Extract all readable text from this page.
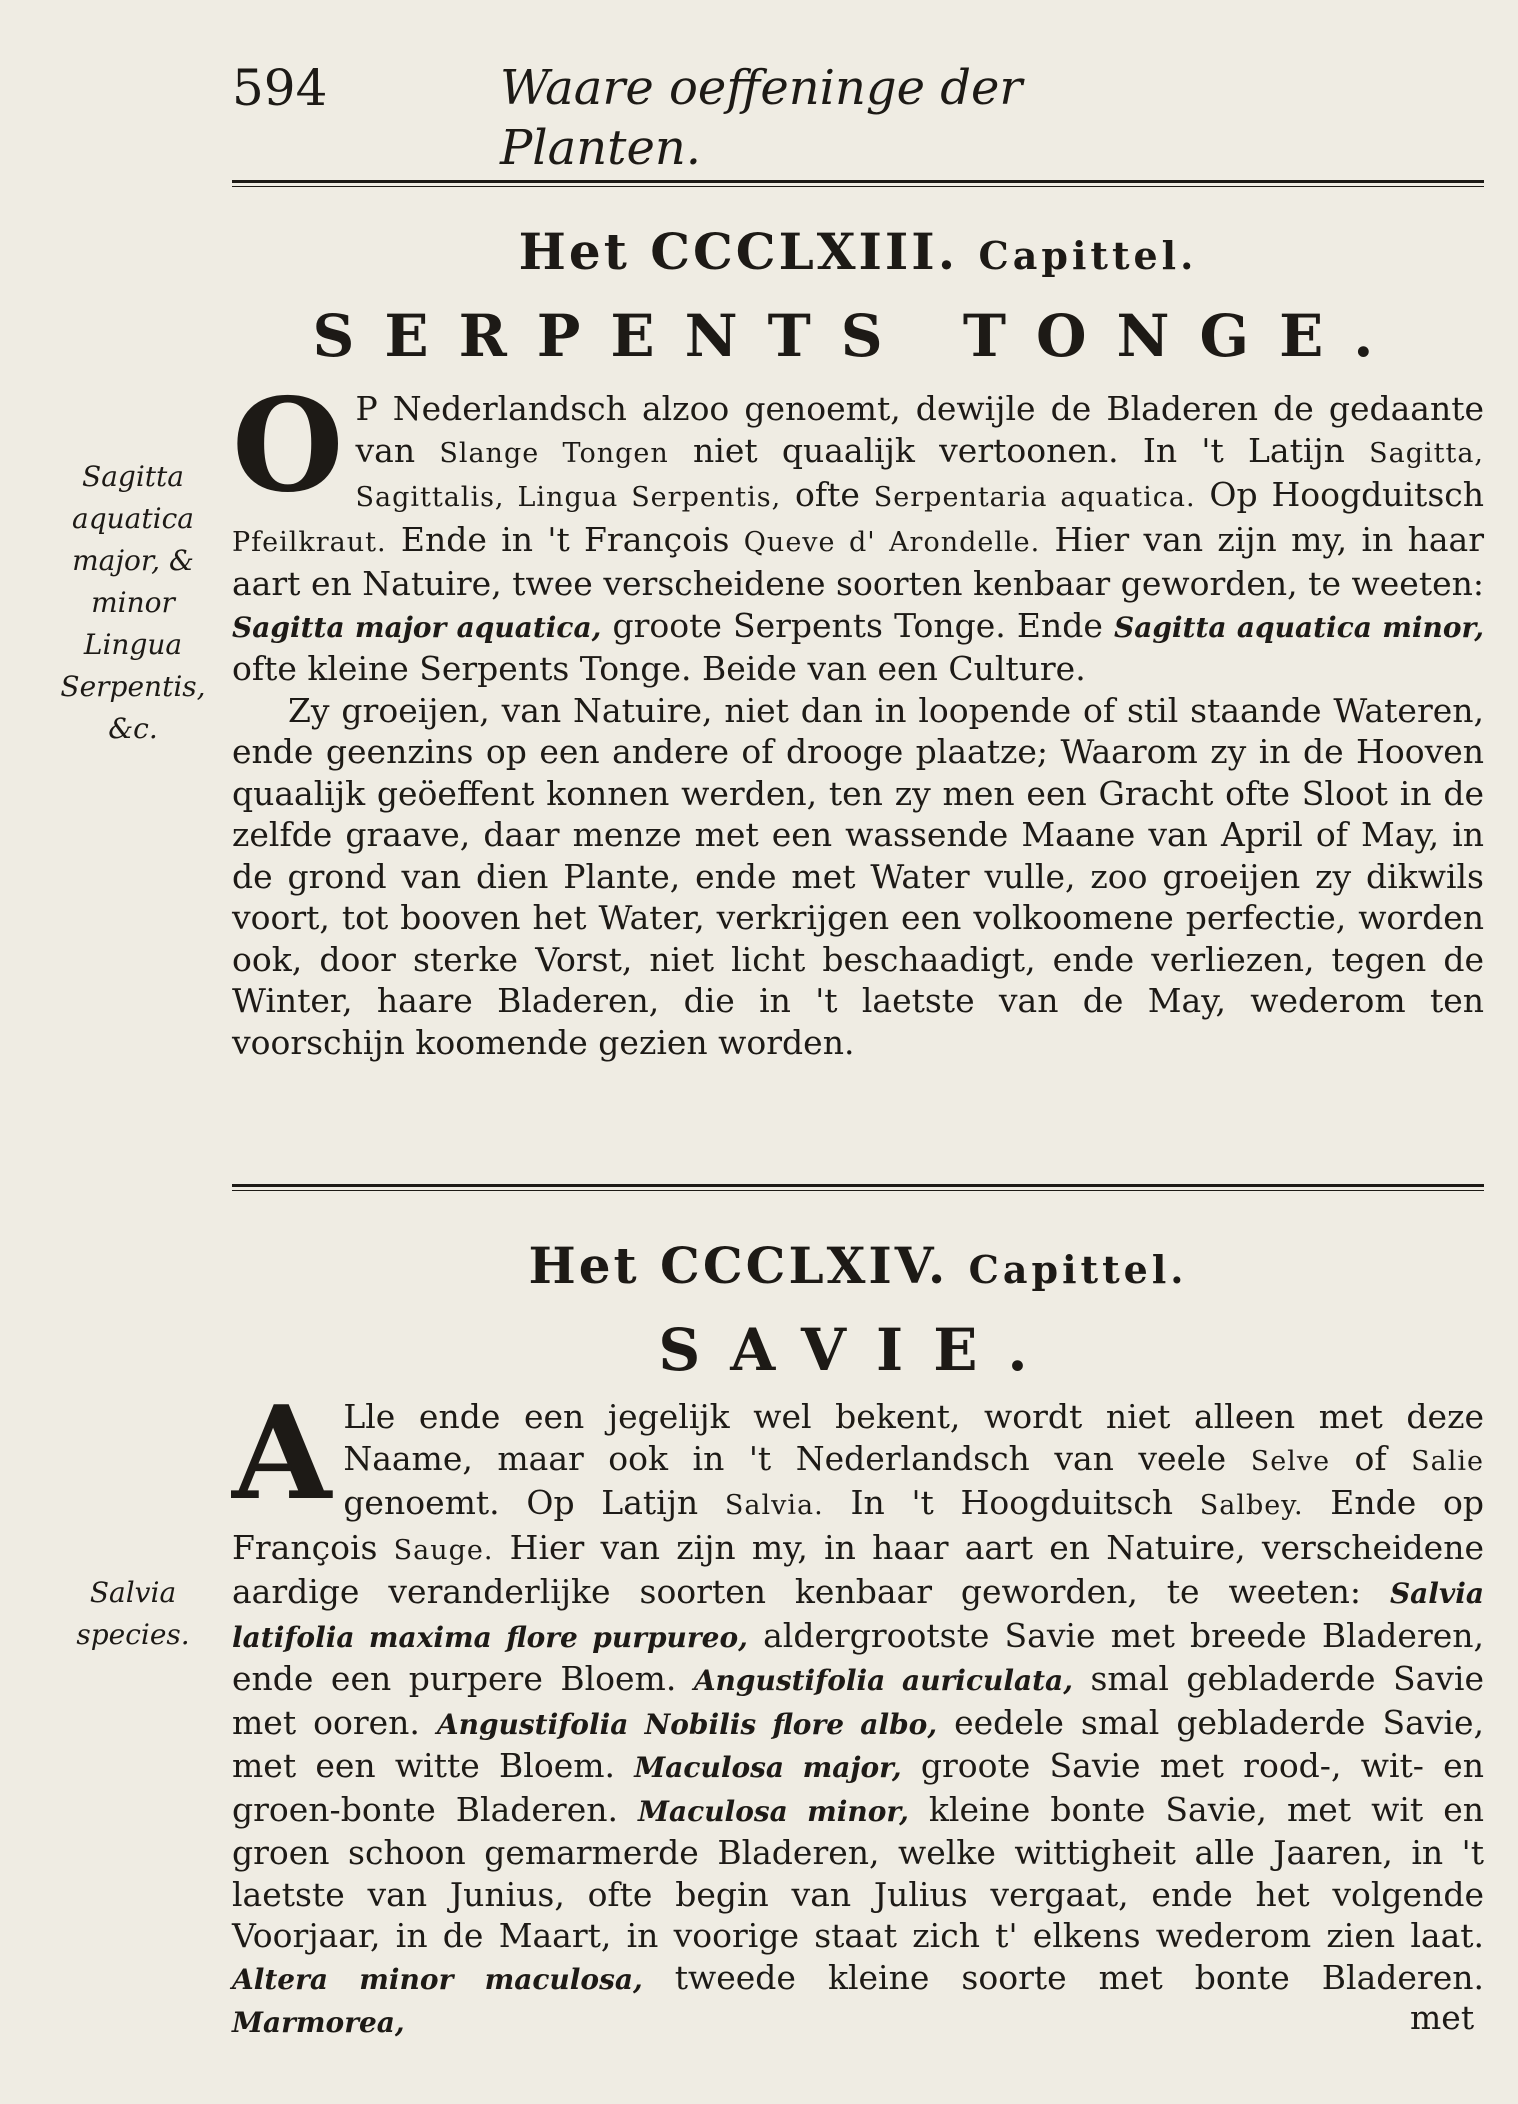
594	Waare oeffeninge der Planten.
Het CCCLXIII. Capittel.
SERPENTS TONGE.
Sagitta aquatica major, & minor Lingua Serpentis, &c.

O P Nederlandsch alzoo genoemt, dewijle de Bladeren de gedaante van Slange Tongen niet quaalijk vertoonen. In 't Latijn Sagitta, Sagittalis, Lingua Serpentis, ofte Serpentaria aquatica. Op Hoogduitsch Pfeilkraut. Ende in 't François Queve d' Arondelle. Hier van zijn my, in haar aart en Natuire, twee verscheidene soorten kenbaar geworden, te weeten: Sagitta major aquatica, groote Serpents Tonge. Ende Sagitta aquatica minor, ofte kleine Serpents Tonge. Beide van een Culture.

Zy groeijen, van Natuire, niet dan in loopende of stil staande Wateren, ende geenzins op een andere of drooge plaatze; Waarom zy in de Hooven quaalijk geöeffent konnen werden, ten zy men een Gracht ofte Sloot in de zelfde graave, daar menze met een wassende Maane van April of May, in de grond van dien Plante, ende met Water vulle, zoo groeijen zy dikwils voort, tot booven het Water, verkrijgen een volkoomene perfectie, worden ook, door sterke Vorst, niet licht beschaadigt, ende verliezen, tegen de Winter, haare Bladeren, die in 't laetste van de May, wederom ten voorschijn koomende gezien worden.

Het CCCLXIV. Capittel.
SAVIE.
Salvia species.

A Lle ende een jegelijk wel bekent, wordt niet alleen met deze Naame, maar ook in 't Nederlandsch van veele Selve of Salie genoemt. Op Latijn Salvia. In 't Hoogduitsch Salbey. Ende op François Sauge. Hier van zijn my, in haar aart en Natuire, verscheidene aardige veranderlijke soorten kenbaar geworden, te weeten: Salvia latifolia maxima flore purpureo, aldergrootste Savie met breede Bladeren, ende een purpere Bloem. Angustifolia auriculata, smal gebladerde Savie met ooren. Angustifolia Nobilis flore albo, eedele smal gebladerde Savie, met een witte Bloem. Maculosa major, groote Savie met rood-, wit- en groen-bonte Bladeren. Maculosa minor, kleine bonte Savie, met wit en groen schoon gemarmerde Bladeren, welke wittigheit alle Jaaren, in 't laetste van Junius, ofte begin van Julius vergaat, ende het volgende Voorjaar, in de Maart, in voorige staat zich t' elkens wederom zien laat. Altera minor maculosa, tweede kleine soorte met bonte Bladeren. Marmorea,	met
